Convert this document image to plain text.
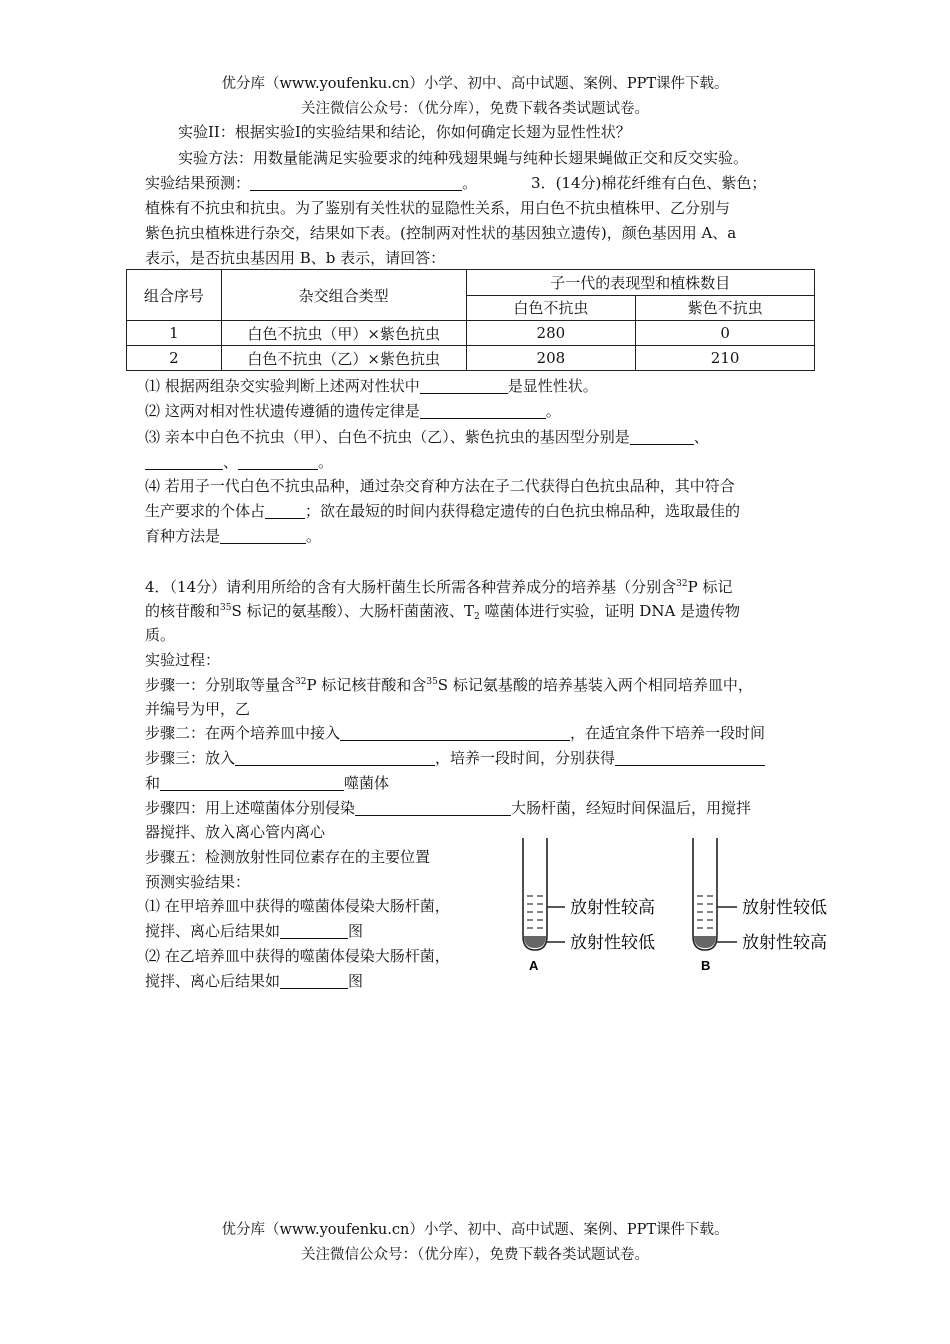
优分库（www.youfenku.cn）小学、初中、高中试题、案例、PPT课件下载。
关注微信公众号：（优分库），免费下载各类试题试卷。
实验II：根据实验I的实验结果和结论，你如何确定长翅为显性性状？
实验方法：用数量能满足实验要求的纯种残翅果蝇与纯种长翅果蝇做正交和反交实验。
实验结果预测：	。	3．(14分)棉花纤维有白色、紫色；
植株有不抗虫和抗虫。为了鉴别有关性状的显隐性关系，用白色不抗虫植株甲、乙分别与
紫色抗虫植株进行杂交，结果如下表。(控制两对性状的基因独立遗传)，颜色基因用 A、a
表示，是否抗虫基因用 B、b 表示，请回答：
组合序号	杂交组合类型	子一代的表现型和植株数目	
		白色不抗虫	紫色不抗虫
1	白色不抗虫（甲）×紫色抗虫	280	0
2	白色不抗虫（乙）×紫色抗虫	208	210
⑴ 根据两组杂交实验判断上述两对性状中	是显性性状。
⑵ 这两对相对性状遗传遵循的遗传定律是	。
⑶ 亲本中白色不抗虫（甲）、白色不抗虫（乙）、紫色抗虫的基因型分别是	、
、	。
⑷ 若用子一代白色不抗虫品种，通过杂交育种方法在子二代获得白色抗虫品种，其中符合
生产要求的个体占	；欲在最短的时间内获得稳定遗传的白色抗虫棉品种，选取最佳的
育种方法是	。
4．（14分）请利用所给的含有大肠杆菌生长所需各种营养成分的培养基（分别含$^{32}$P 标记
的核苷酸和$^{35}$S 标记的氨基酸）、大肠杆菌菌液、$T_2$ 噬菌体进行实验，证明 DNA 是遗传物
质。
实验过程：
步骤一：分别取等量含$^{32}$P 标记核苷酸和含$^{35}$S 标记氨基酸的培养基装入两个相同培养皿中，
并编号为甲，乙
步骤二：在两个培养皿中接入	，在适宜条件下培养一段时间
步骤三：放入	，培养一段时间，分别获得
和	噬菌体
步骤四：用上述噬菌体分别侵染	大肠杆菌，经短时间保温后，用搅拌
器搅拌、放入离心管内离心
步骤五：检测放射性同位素存在的主要位置
预测实验结果：
⑴ 在甲培养皿中获得的噬菌体侵染大肠杆菌，
搅拌、离心后结果如	图
⑵ 在乙培养皿中获得的噬菌体侵染大肠杆菌，
搅拌、离心后结果如	图
放射性较高
放射性较低
A
放射性较低
放射性较高
B
优分库（www.youfenku.cn）小学、初中、高中试题、案例、PPT课件下载。
关注微信公众号：（优分库），免费下载各类试题试卷。
